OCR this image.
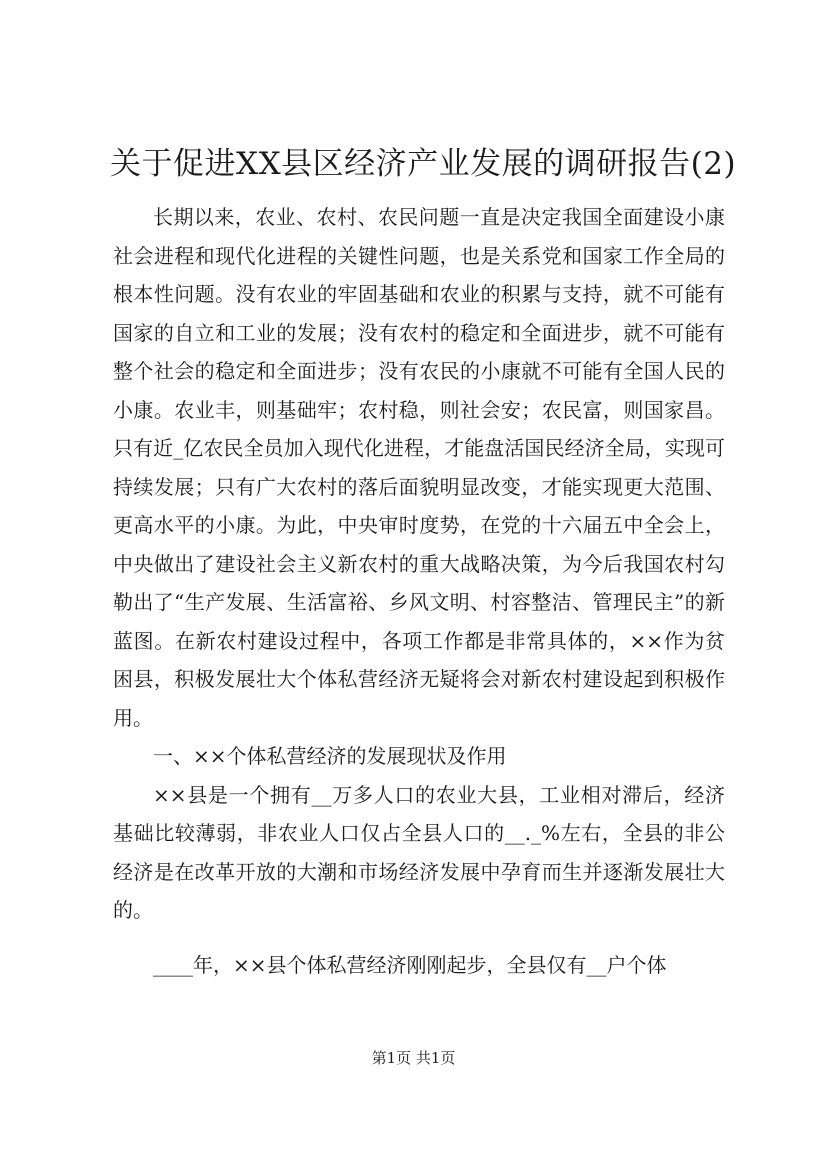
关于促进XX县区经济产业发展的调研报告(2)

长期以来，农业、农村、农民问题一直是决定我国全面建设小康社会进程和现代化进程的关键性问题，也是关系党和国家工作全局的根本性问题。没有农业的牢固基础和农业的积累与支持，就不可能有国家的自立和工业的发展；没有农村的稳定和全面进步，就不可能有整个社会的稳定和全面进步；没有农民的小康就不可能有全国人民的小康。农业丰，则基础牢；农村稳，则社会安；农民富，则国家昌。只有近_亿农民全员加入现代化进程，才能盘活国民经济全局，实现可持续发展；只有广大农村的落后面貌明显改变，才能实现更大范围、更高水平的小康。为此，中央审时度势，在党的十六届五中全会上，中央做出了建设社会主义新农村的重大战略决策，为今后我国农村勾勒出了“生产发展、生活富裕、乡风文明、村容整洁、管理民主”的新蓝图。在新农村建设过程中，各项工作都是非常具体的，××作为贫困县，积极发展壮大个体私营经济无疑将会对新农村建设起到积极作用。

一、××个体私营经济的发展现状及作用

××县是一个拥有__万多人口的农业大县，工业相对滞后，经济基础比较薄弱，非农业人口仅占全县人口的__._%左右，全县的非公经济是在改革开放的大潮和市场经济发展中孕育而生并逐渐发展壮大的。

____年，××县个体私营经济刚刚起步，全县仅有__户个体

第1页 共1页
